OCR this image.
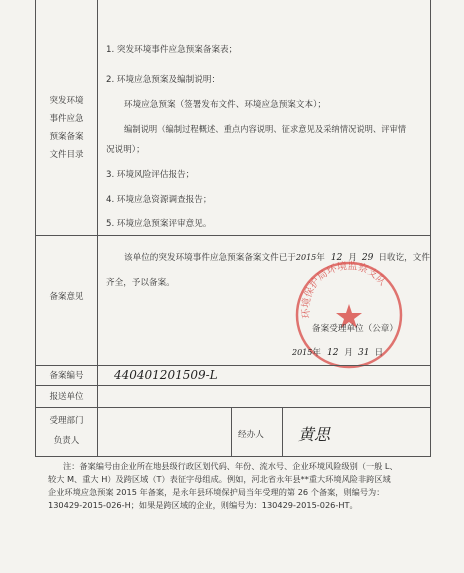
突发环境
事件应急
预案备案
文件目录
1. 突发环境事件应急预案备案表；
2. 环境应急预案及编制说明：
环境应急预案（签署发布文件、环境应急预案文本）；
编制说明（编制过程概述、重点内容说明、征求意见及采纳情况说明、评审情
况说明）；
3. 环境风险评估报告；
4. 环境应急资源调查报告；
5. 环境应急预案评审意见。
备案意见
该单位的突发环境事件应急预案备案文件已于2015年 12 月 29 日收讫，文件
齐全，予以备案。
环境保护局环境监察支队
备案受理单位（公章）
2015年 12 月 31 日
备案编号	440401201509-L
报送单位
受理部门
负责人
经办人 黄思
注：备案编号由企业所在地县级行政区划代码、年份、流水号、企业环境风险级别（一般 L、
较大 M、重大 H）及跨区域（T）表征字母组成。例如，河北省永年县**重大环境风险非跨区域
企业环境应急预案 2015 年备案，是永年县环境保护局当年受理的第 26 个备案，则编号为：
130429-2015-026-H；如果是跨区域的企业，则编号为：130429-2015-026-HT。
